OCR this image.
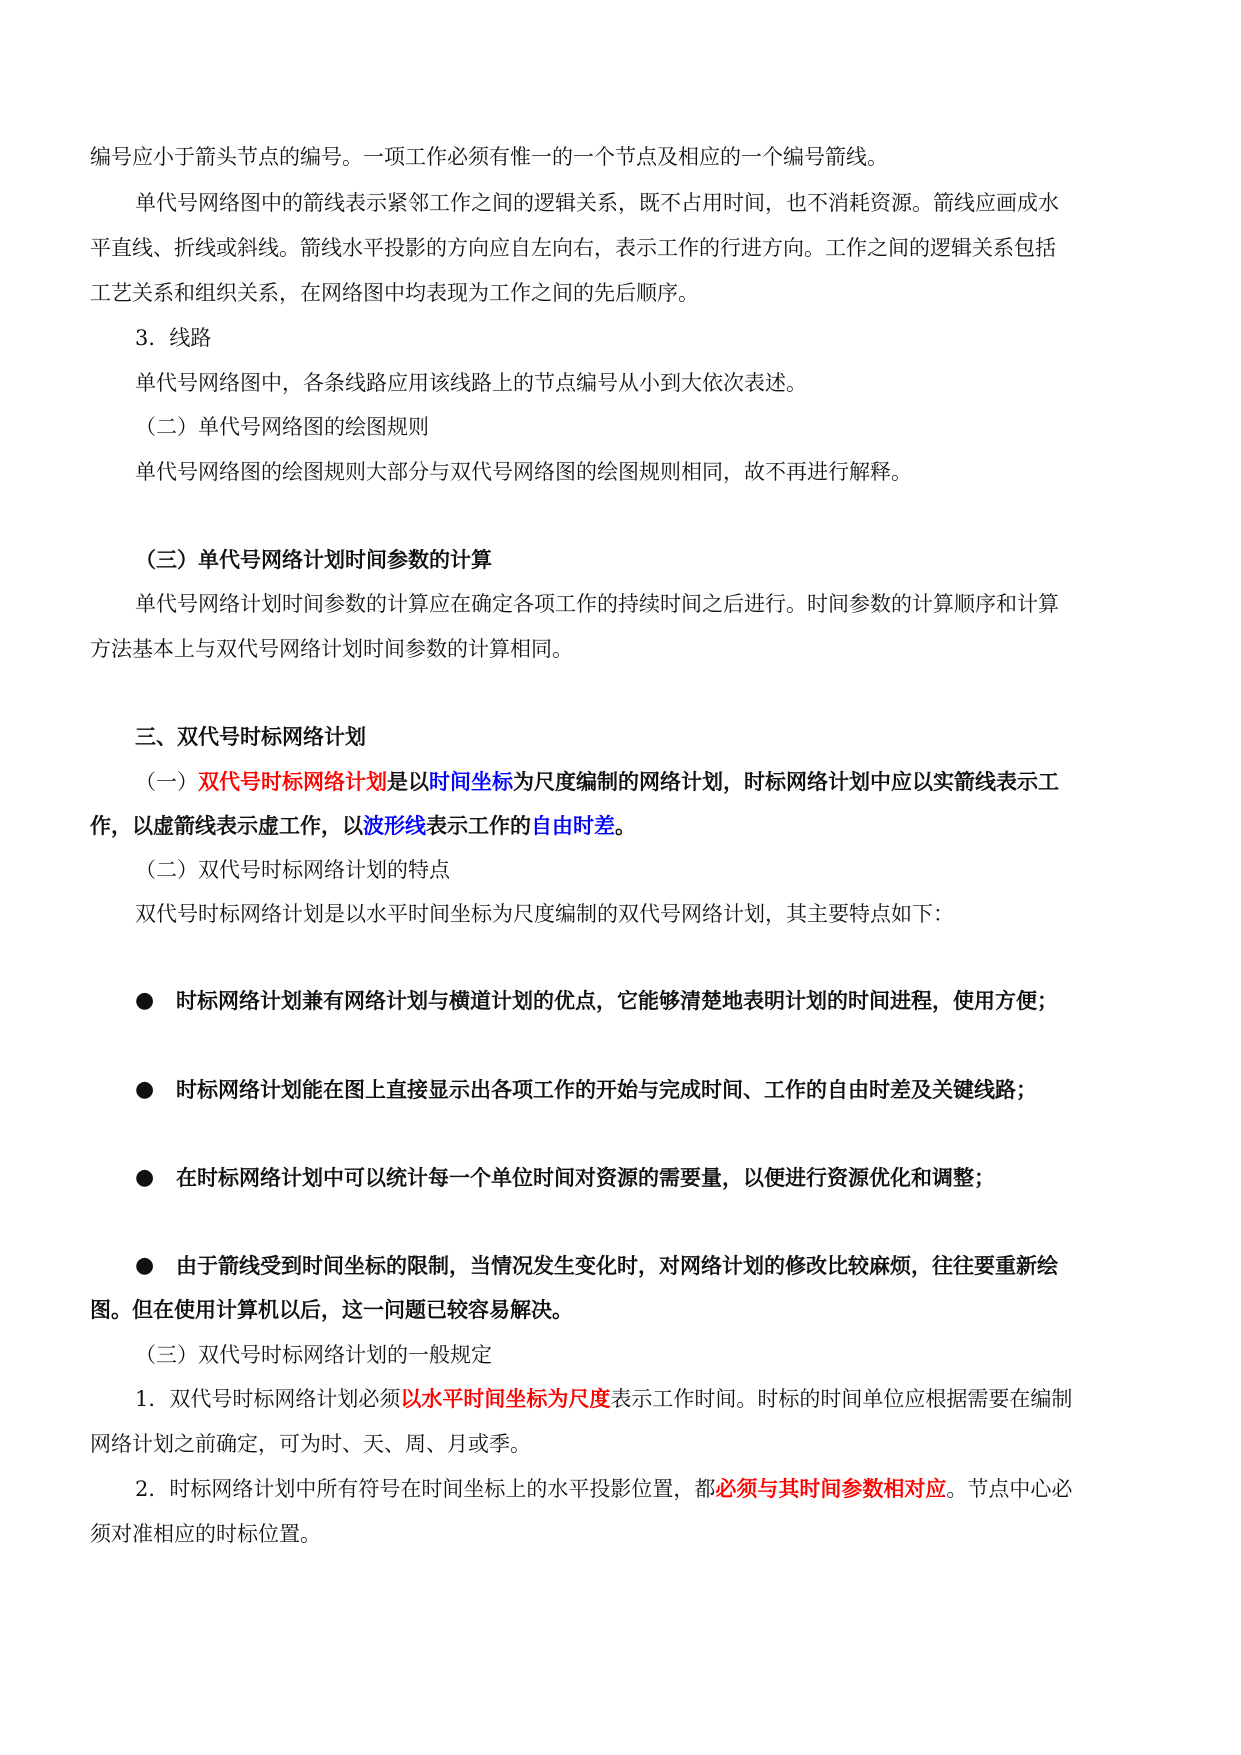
编号应小于箭头节点的编号。一项工作必须有惟一的一个节点及相应的一个编号箭线。
单代号网络图中的箭线表示紧邻工作之间的逻辑关系，既不占用时间，也不消耗资源。箭线应画成水
平直线、折线或斜线。箭线水平投影的方向应自左向右，表示工作的行进方向。工作之间的逻辑关系包括
工艺关系和组织关系，在网络图中均表现为工作之间的先后顺序。
3．线路
单代号网络图中，各条线路应用该线路上的节点编号从小到大依次表述。
（二）单代号网络图的绘图规则
单代号网络图的绘图规则大部分与双代号网络图的绘图规则相同，故不再进行解释。
（三）单代号网络计划时间参数的计算
单代号网络计划时间参数的计算应在确定各项工作的持续时间之后进行。时间参数的计算顺序和计算
方法基本上与双代号网络计划时间参数的计算相同。
三、双代号时标网络计划
（一）双代号时标网络计划是以时间坐标为尺度编制的网络计划，时标网络计划中应以实箭线表示工
作，以虚箭线表示虚工作，以波形线表示工作的自由时差。
（二）双代号时标网络计划的特点
双代号时标网络计划是以水平时间坐标为尺度编制的双代号网络计划，其主要特点如下：
● 时标网络计划兼有网络计划与横道计划的优点，它能够清楚地表明计划的时间进程，使用方便；
● 时标网络计划能在图上直接显示出各项工作的开始与完成时间、工作的自由时差及关键线路；
● 在时标网络计划中可以统计每一个单位时间对资源的需要量，以便进行资源优化和调整；
● 由于箭线受到时间坐标的限制，当情况发生变化时，对网络计划的修改比较麻烦，往往要重新绘
图。但在使用计算机以后，这一问题已较容易解决。
（三）双代号时标网络计划的一般规定
1．双代号时标网络计划必须以水平时间坐标为尺度表示工作时间。时标的时间单位应根据需要在编制
网络计划之前确定，可为时、天、周、月或季。
2．时标网络计划中所有符号在时间坐标上的水平投影位置，都必须与其时间参数相对应。节点中心必
须对准相应的时标位置。
